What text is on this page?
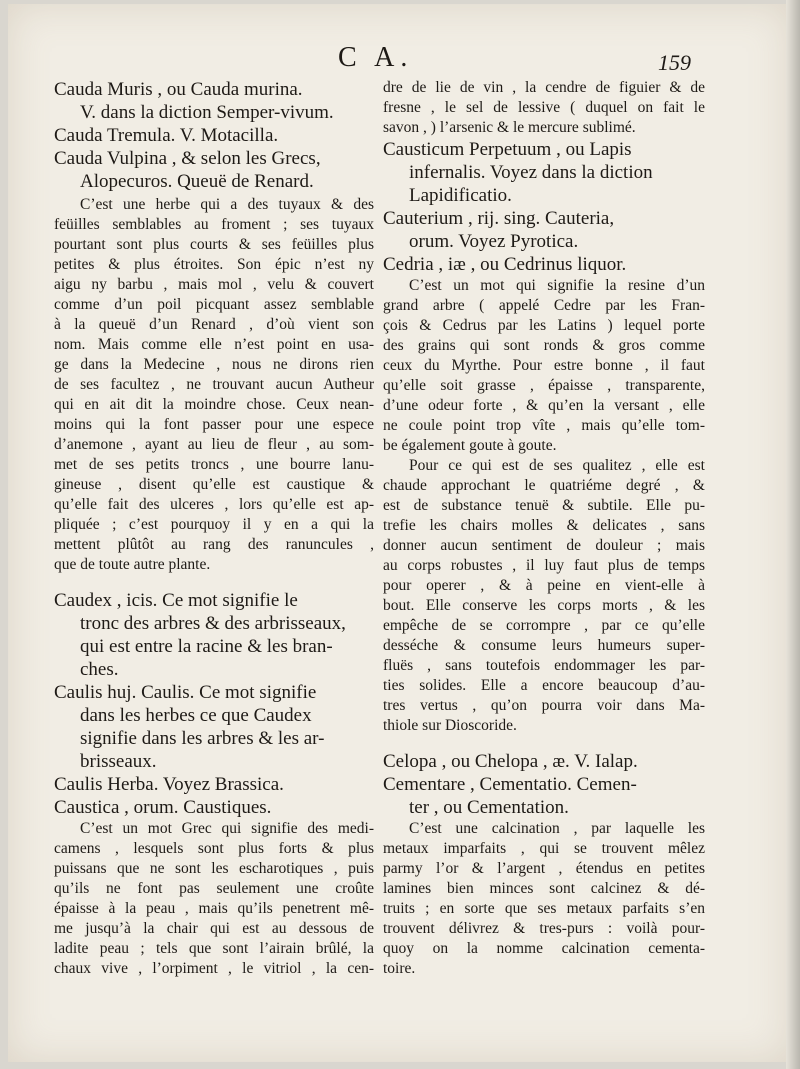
C A.	159
Cauda Muris , ou Cauda murina.
V. dans la diction Semper-vivum.
Cauda Tremula. V. Motacilla.
Cauda Vulpina , & selon les Grecs,
Alopecuros. Queuë de Renard.
C’est une herbe qui a des tuyaux & des
feüilles semblables au froment ; ses tuyaux
pourtant sont plus courts & ses feüilles plus
petites & plus étroites. Son épic n’est ny
aigu ny barbu , mais mol , velu & couvert
comme d’un poil picquant assez semblable
à la queuë d’un Renard , d’où vient son
nom. Mais comme elle n’est point en usa-
ge dans la Medecine , nous ne dirons rien
de ses facultez , ne trouvant aucun Autheur
qui en ait dit la moindre chose. Ceux nean-
moins qui la font passer pour une espece
d’anemone , ayant au lieu de fleur , au som-
met de ses petits troncs , une bourre lanu-
gineuse , disent qu’elle est caustique &
qu’elle fait des ulceres , lors qu’elle est ap-
pliquée ; c’est pourquoy il y en a qui la
mettent plûtôt au rang des ranuncules ,
que de toute autre plante.
Caudex , icis. Ce mot signifie le
tronc des arbres & des arbrisseaux,
qui est entre la racine & les bran-
ches.
Caulis huj. Caulis. Ce mot signifie
dans les herbes ce que Caudex
signifie dans les arbres & les ar-
brisseaux.
Caulis Herba. Voyez Brassica.
Caustica , orum. Caustiques.
C’est un mot Grec qui signifie des medi-
camens , lesquels sont plus forts & plus
puissans que ne sont les escharotiques , puis
qu’ils ne font pas seulement une croûte
épaisse à la peau , mais qu’ils penetrent mê-
me jusqu’à la chair qui est au dessous de
ladite peau ; tels que sont l’airain brûlé, la
chaux vive , l’orpiment , le vitriol , la cen-
dre de lie de vin , la cendre de figuier & de
fresne , le sel de lessive ( duquel on fait le
savon , ) l’arsenic & le mercure sublimé.
Causticum Perpetuum , ou Lapis
infernalis. Voyez dans la diction
Lapidificatio.
Cauterium , rij. sing. Cauteria,
orum. Voyez Pyrotica.
Cedria , iæ , ou Cedrinus liquor.
C’est un mot qui signifie la resine d’un
grand arbre ( appelé Cedre par les Fran-
çois & Cedrus par les Latins ) lequel porte
des grains qui sont ronds & gros comme
ceux du Myrthe. Pour estre bonne , il faut
qu’elle soit grasse , épaisse , transparente,
d’une odeur forte , & qu’en la versant , elle
ne coule point trop vîte , mais qu’elle tom-
be également goute à goute.
Pour ce qui est de ses qualitez , elle est
chaude approchant le quatriéme degré , &
est de substance tenuë & subtile. Elle pu-
trefie les chairs molles & delicates , sans
donner aucun sentiment de douleur ; mais
au corps robustes , il luy faut plus de temps
pour operer , & à peine en vient-elle à
bout. Elle conserve les corps morts , & les
empêche de se corrompre , par ce qu’elle
desséche & consume leurs humeurs super-
fluës , sans toutefois endommager les par-
ties solides. Elle a encore beaucoup d’au-
tres vertus , qu’on pourra voir dans Ma-
thiole sur Dioscoride.
Celopa , ou Chelopa , æ. V. Ialap.
Cementare , Cementatio. Cemen-
ter , ou Cementation.
C’est une calcination , par laquelle les
metaux imparfaits , qui se trouvent mêlez
parmy l’or & l’argent , étendus en petites
lamines bien minces sont calcinez & dé-
truits ; en sorte que ses metaux parfaits s’en
trouvent délivrez & tres-purs : voilà pour-
quoy on la nomme calcination cementa-
toire.
